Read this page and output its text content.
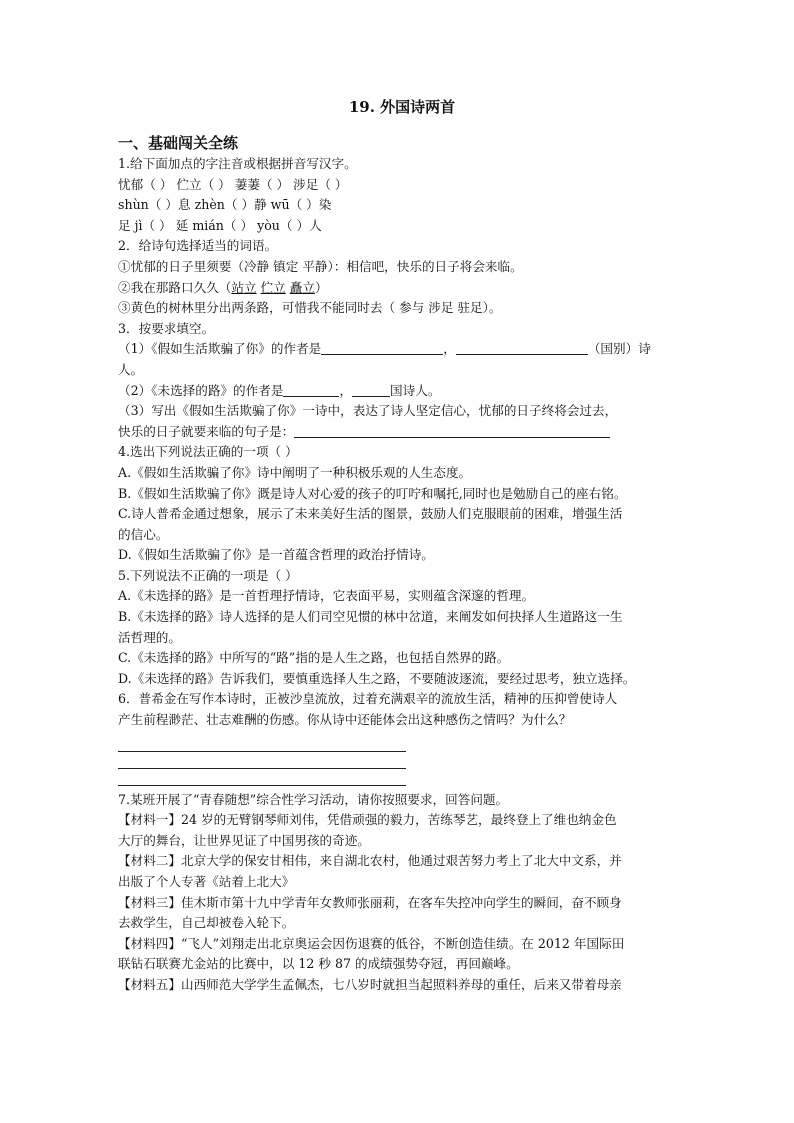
19. 外国诗两首

一、基础闯关全练

1.给下面加点的字注音或根据拼音写汉字。

忧郁（ ） 伫立（ ） 萋萋（ ） 涉足（ ）

shùn（ ）息 zhèn（ ）静 wū（ ）染

足 jì（ ） 延 mián（ ） yòu（ ）人

2．给诗句选择适当的词语。

①忧郁的日子里须要（冷静 镇定 平静）：相信吧，快乐的日子将会来临。

②我在那路口久久（站立 伫立 矗立）

③黄色的树林里分出两条路，可惜我不能同时去（ 参与 涉足 驻足）。

3．按要求填空。

（1）《假如生活欺骗了你》的作者是	，	（国别）诗

人。

（2）《未选择的路》的作者是	，	国诗人。

（3）写出《假如生活欺骗了你》一诗中，表达了诗人坚定信心，忧郁的日子终将会过去，

快乐的日子就要来临的句子是：

4.选出下列说法正确的一项（ ）

A.《假如生活欺骗了你》诗中阐明了一种积极乐观的人生态度。

B.《假如生活欺骗了你》溉是诗人对心爱的孩子的叮咛和嘱托,同时也是勉励自己的座右铭。

C.诗人普希金通过想象，展示了未来美好生活的图景，鼓励人们克服眼前的困难，增强生活

的信心。

D.《假如生活欺骗了你》是一首蕴含哲理的政治抒情诗。

5.下列说法不正确的一项是（ ）

A.《未选择的路》是一首哲理抒情诗，它表面平易，实则蕴含深邃的哲理。

B.《未选择的路》诗人选择的是人们司空见惯的林中岔道，来阐发如何抉择人生道路这一生

活哲理的。

C.《未选择的路》中所写的“路”指的是人生之路，也包括自然界的路。

D.《未选择的路》告诉我们，要慎重选择人生之路，不要随波逐流，要经过思考，独立选择。

6．普希金在写作本诗时，正被沙皇流放，过着充满艰辛的流放生活，精神的压抑曾使诗人

产生前程渺茫、壮志难酬的伤感。你从诗中还能体会出这种感伤之情吗？为什么？

7.某班开展了“青春随想”综合性学习活动，请你按照要求，回答问题。

【材料一】24 岁的无臂钢琴师刘伟，凭借顽强的毅力，苦练琴艺，最终登上了维也纳金色

大厅的舞台，让世界见证了中国男孩的奇迹。

【材料二】北京大学的保安甘相伟，来自湖北农村，他通过艰苦努力考上了北大中文系，并

出版了个人专著《站着上北大》

【材料三】佳木斯市第十九中学青年女教师张丽莉，在客车失控冲向学生的瞬间，奋不顾身

去救学生，自己却被卷入轮下。

【材料四】“飞人”刘翔走出北京奥运会因伤退赛的低谷，不断创造佳绩。在 2012 年国际田

联钻石联赛尤金站的比赛中，以 12 秒 87 的成绩强势夺冠，再回巅峰。

【材料五】山西师范大学学生孟佩杰，七八岁时就担当起照料养母的重任，后来又带着母亲
